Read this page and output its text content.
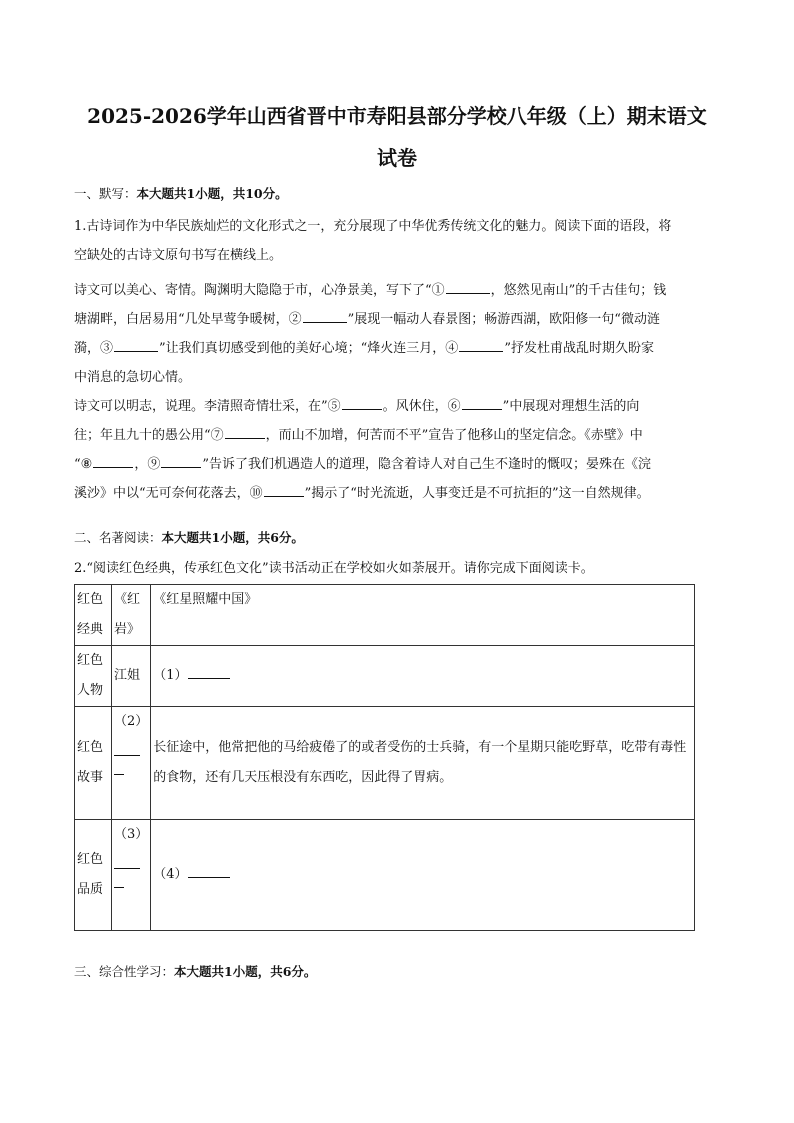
2025-2026学年山西省晋中市寿阳县部分学校八年级（上）期末语文
试卷
一、默写：本大题共1小题，共10分。
1.古诗词作为中华民族灿烂的文化形式之一，充分展现了中华优秀传统文化的魅力。阅读下面的语段，将
空缺处的古诗文原句书写在横线上。
诗文可以美心、寄情。陶渊明大隐隐于市，心净景美，写下了“①	，悠然见南山”的千古佳句；钱
塘湖畔，白居易用“几处早莺争暖树，②	”展现一幅动人春景图；畅游西湖，欧阳修一句“微动涟
漪，③	”让我们真切感受到他的美好心境；“烽火连三月，④	”抒发杜甫战乱时期久盼家
中消息的急切心情。
诗文可以明志，说理。李清照奇情壮采，在”⑤	。风休住，⑥	”中展现对理想生活的向
往；年且九十的愚公用“⑦	，而山不加增，何苦而不平”宣告了他移山的坚定信念。《赤壁》中
“⑧	，⑨	”告诉了我们机遇造人的道理，隐含着诗人对自己生不逢时的慨叹；晏殊在《浣
溪沙》中以“无可奈何花落去，⑩	”揭示了“时光流逝，人事变迁是不可抗拒的”这一自然规律。
二、名著阅读：本大题共1小题，共6分。
2.“阅读红色经典，传承红色文化”读书活动正在学校如火如荼展开。请你完成下面阅读卡。
红色经典	《红岩》	《红星照耀中国》
红色人物	江姐	（1）
红色故事	（2）	长征途中，他常把他的马给疲倦了的或者受伤的士兵骑，有一个星期只能吃野草，吃带有毒性的食物，还有几天压根没有东西吃，因此得了胃病。
红色品质	（3）	（4）
三、综合性学习：本大题共1小题，共6分。
